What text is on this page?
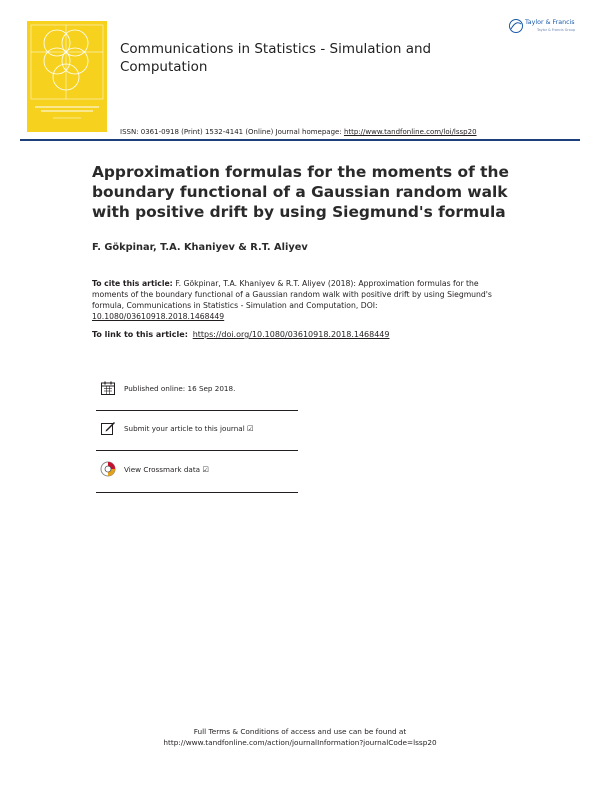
Taylor & Francis
Taylor & Francis Group
Communications in Statistics - Simulation and Computation
ISSN: 0361-0918 (Print) 1532-4141 (Online) Journal homepage: http://www.tandfonline.com/loi/lssp20
Approximation formulas for the moments of the boundary functional of a Gaussian random walk with positive drift by using Siegmund's formula
F. Gökpinar, T.A. Khaniyev & R.T. Aliyev
To cite this article: F. Gökpinar, T.A. Khaniyev & R.T. Aliyev (2018): Approximation formulas for the moments of the boundary functional of a Gaussian random walk with positive drift by using Siegmund's formula, Communications in Statistics - Simulation and Computation, DOI: 10.1080/03610918.2018.1468449
To link to this article: https://doi.org/10.1080/03610918.2018.1468449
Published online: 16 Sep 2018.
Submit your article to this journal ☑
View Crossmark data ☑
Full Terms & Conditions of access and use can be found at
http://www.tandfonline.com/action/journalInformation?journalCode=lssp20
